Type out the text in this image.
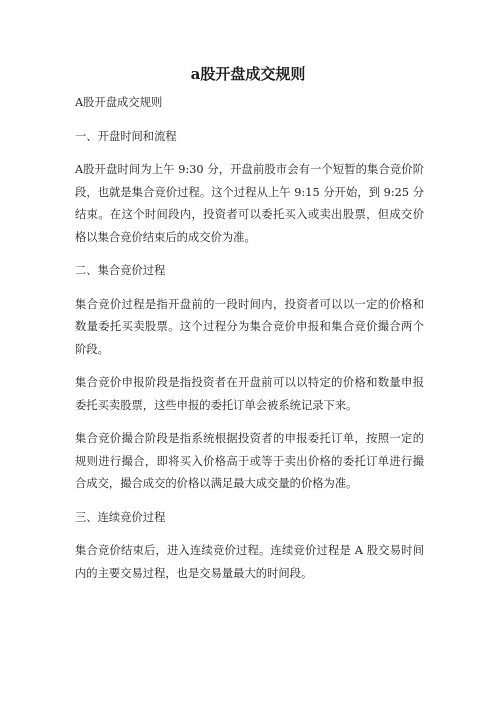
a股开盘成交规则

A股开盘成交规则

一、开盘时间和流程

A股开盘时间为上午 9:30 分，开盘前股市会有一个短暂的集合竞价阶段，也就是集合竞价过程。这个过程从上午 9:15 分开始，到 9:25 分结束。在这个时间段内，投资者可以委托买入或卖出股票，但成交价格以集合竞价结束后的成交价为准。

二、集合竞价过程

集合竞价过程是指开盘前的一段时间内，投资者可以以一定的价格和数量委托买卖股票。这个过程分为集合竞价申报和集合竞价撮合两个阶段。

集合竞价申报阶段是指投资者在开盘前可以以特定的价格和数量申报委托买卖股票，这些申报的委托订单会被系统记录下来。

集合竞价撮合阶段是指系统根据投资者的申报委托订单，按照一定的规则进行撮合，即将买入价格高于或等于卖出价格的委托订单进行撮合成交，撮合成交的价格以满足最大成交量的价格为准。

三、连续竞价过程

集合竞价结束后，进入连续竞价过程。连续竞价过程是 A 股交易时间内的主要交易过程，也是交易量最大的时间段。
